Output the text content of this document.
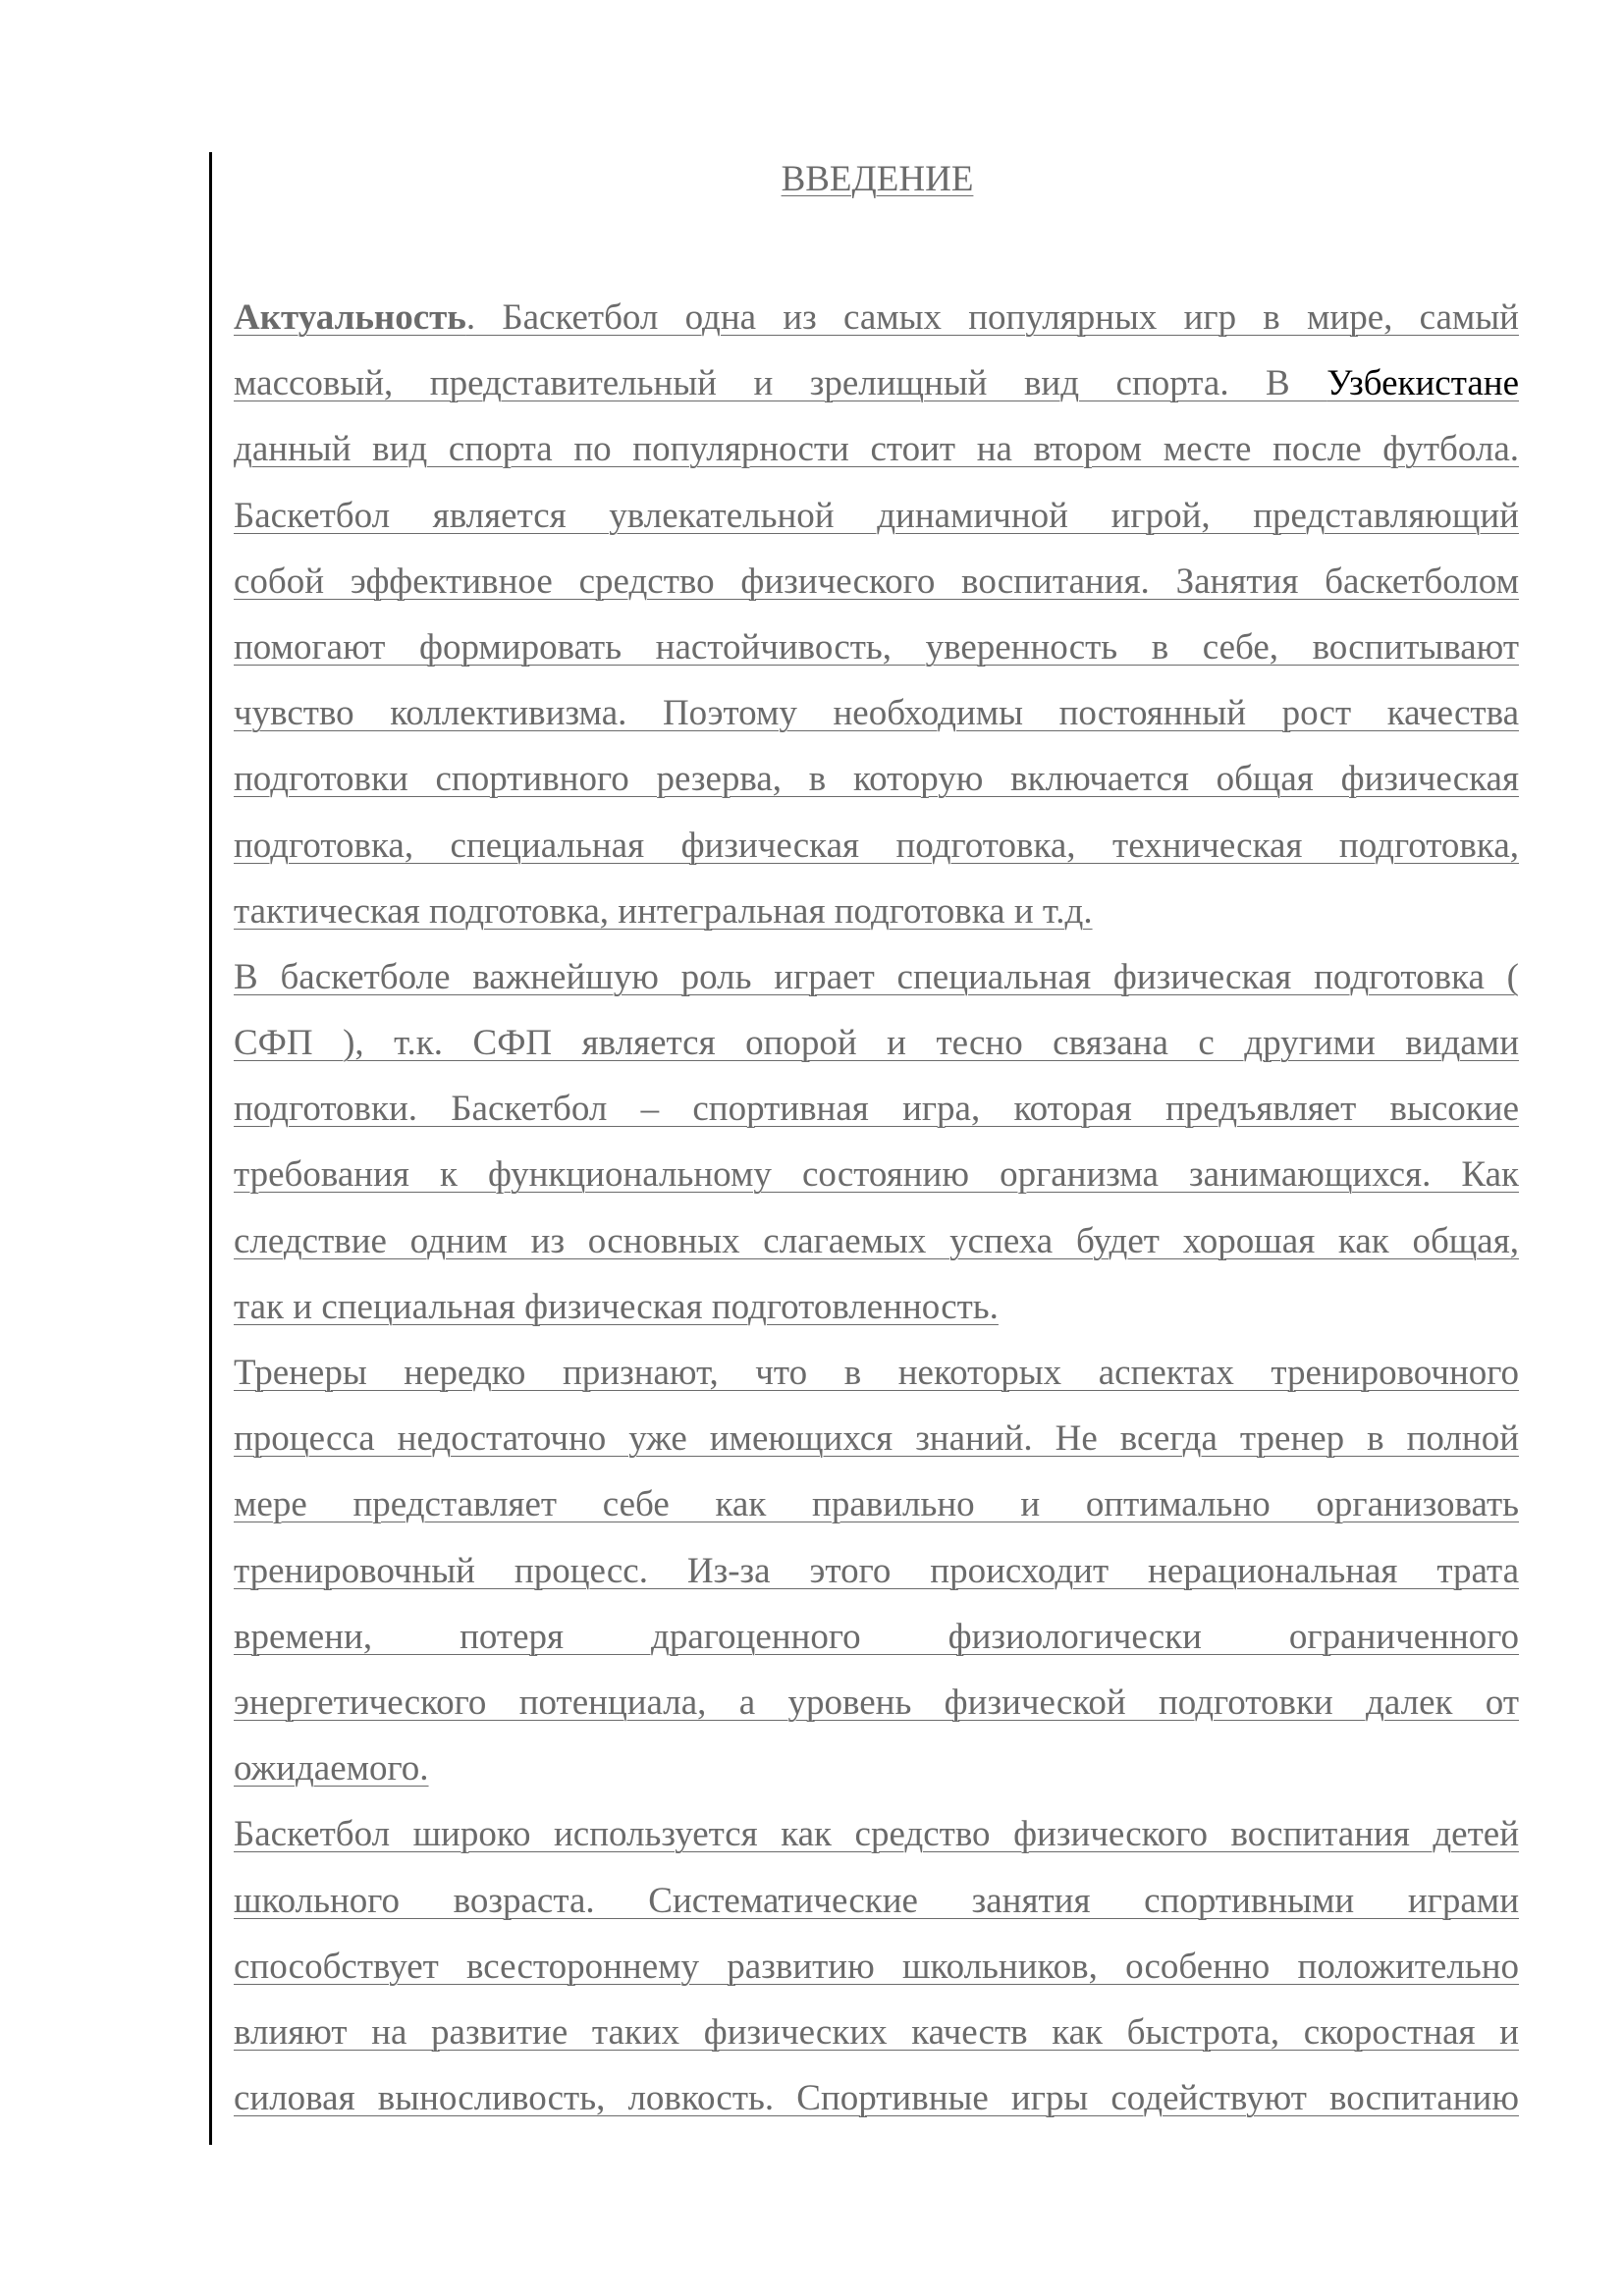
ВВЕДЕНИЕ
Актуальность. Баскетбол одна из самых популярных игр в мире, самый
массовый, представительный и зрелищный вид спорта. В Узбекистане
данный вид спорта по популярности стоит на втором месте после футбола.
Баскетбол является увлекательной динамичной игрой, представляющий
собой эффективное средство физического воспитания. Занятия баскетболом
помогают формировать настойчивость, уверенность в себе, воспитывают
чувство коллективизма. Поэтому необходимы постоянный рост качества
подготовки спортивного резерва, в которую включается общая физическая
подготовка, специальная физическая подготовка, техническая подготовка,
тактическая подготовка, интегральная подготовка и т.д.
В баскетболе важнейшую роль играет специальная физическая подготовка (
СФП ), т.к. СФП является опорой и тесно связана с другими видами
подготовки. Баскетбол – спортивная игра, которая предъявляет высокие
требования к функциональному состоянию организма занимающихся. Как
следствие одним из основных слагаемых успеха будет хорошая как общая,
так и специальная физическая подготовленность.
Тренеры нередко признают, что в некоторых аспектах тренировочного
процесса недостаточно уже имеющихся знаний. Не всегда тренер в полной
мере представляет себе как правильно и оптимально организовать
тренировочный процесс. Из-за этого происходит нерациональная трата
времени, потеря драгоценного физиологически ограниченного
энергетического потенциала, а уровень физической подготовки далек от
ожидаемого.
Баскетбол широко используется как средство физического воспитания детей
школьного возраста. Систематические занятия спортивными играми
способствует всестороннему развитию школьников, особенно положительно
влияют на развитие таких физических качеств как быстрота, скоростная и
силовая выносливость, ловкость. Спортивные игры содействуют воспитанию
